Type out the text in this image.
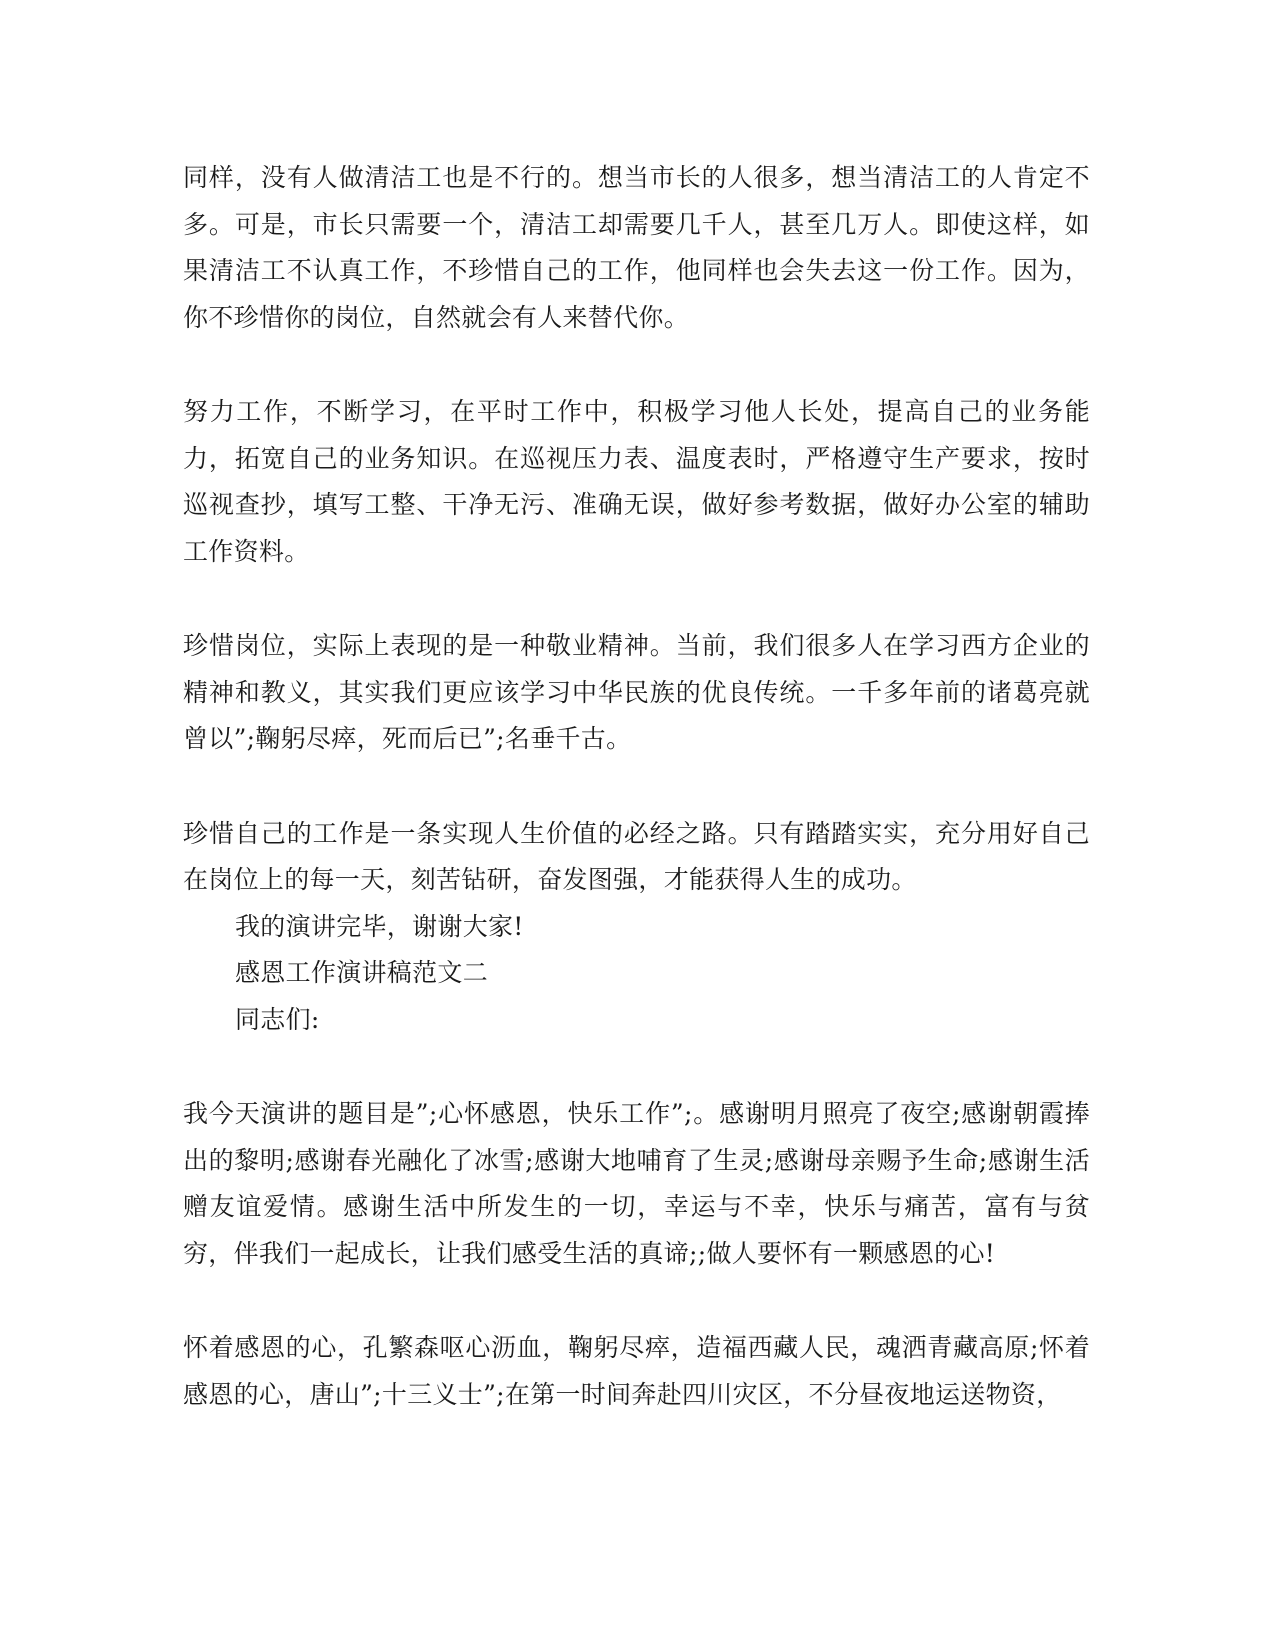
同样，没有人做清洁工也是不行的。想当市长的人很多，想当清洁工的人肯定不多。可是，市长只需要一个，清洁工却需要几千人，甚至几万人。即使这样，如果清洁工不认真工作，不珍惜自己的工作，他同样也会失去这一份工作。因为，你不珍惜你的岗位，自然就会有人来替代你。

努力工作，不断学习，在平时工作中，积极学习他人长处，提高自己的业务能力，拓宽自己的业务知识。在巡视压力表、温度表时，严格遵守生产要求，按时巡视查抄，填写工整、干净无污、准确无误，做好参考数据，做好办公室的辅助工作资料。

珍惜岗位，实际上表现的是一种敬业精神。当前，我们很多人在学习西方企业的精神和教义，其实我们更应该学习中华民族的优良传统。一千多年前的诸葛亮就曾以”;鞠躬尽瘁，死而后已”;名垂千古。

珍惜自己的工作是一条实现人生价值的必经之路。只有踏踏实实，充分用好自己在岗位上的每一天，刻苦钻研，奋发图强，才能获得人生的成功。

我的演讲完毕，谢谢大家!

感恩工作演讲稿范文二

同志们:

我今天演讲的题目是”;心怀感恩，快乐工作”;。感谢明月照亮了夜空;感谢朝霞捧出的黎明;感谢春光融化了冰雪;感谢大地哺育了生灵;感谢母亲赐予生命;感谢生活赠友谊爱情。感谢生活中所发生的一切，幸运与不幸，快乐与痛苦，富有与贫穷，伴我们一起成长，让我们感受生活的真谛;;做人要怀有一颗感恩的心!

怀着感恩的心，孔繁森呕心沥血，鞠躬尽瘁，造福西藏人民，魂洒青藏高原;怀着感恩的心，唐山”;十三义士”;在第一时间奔赴四川灾区，不分昼夜地运送物资，
